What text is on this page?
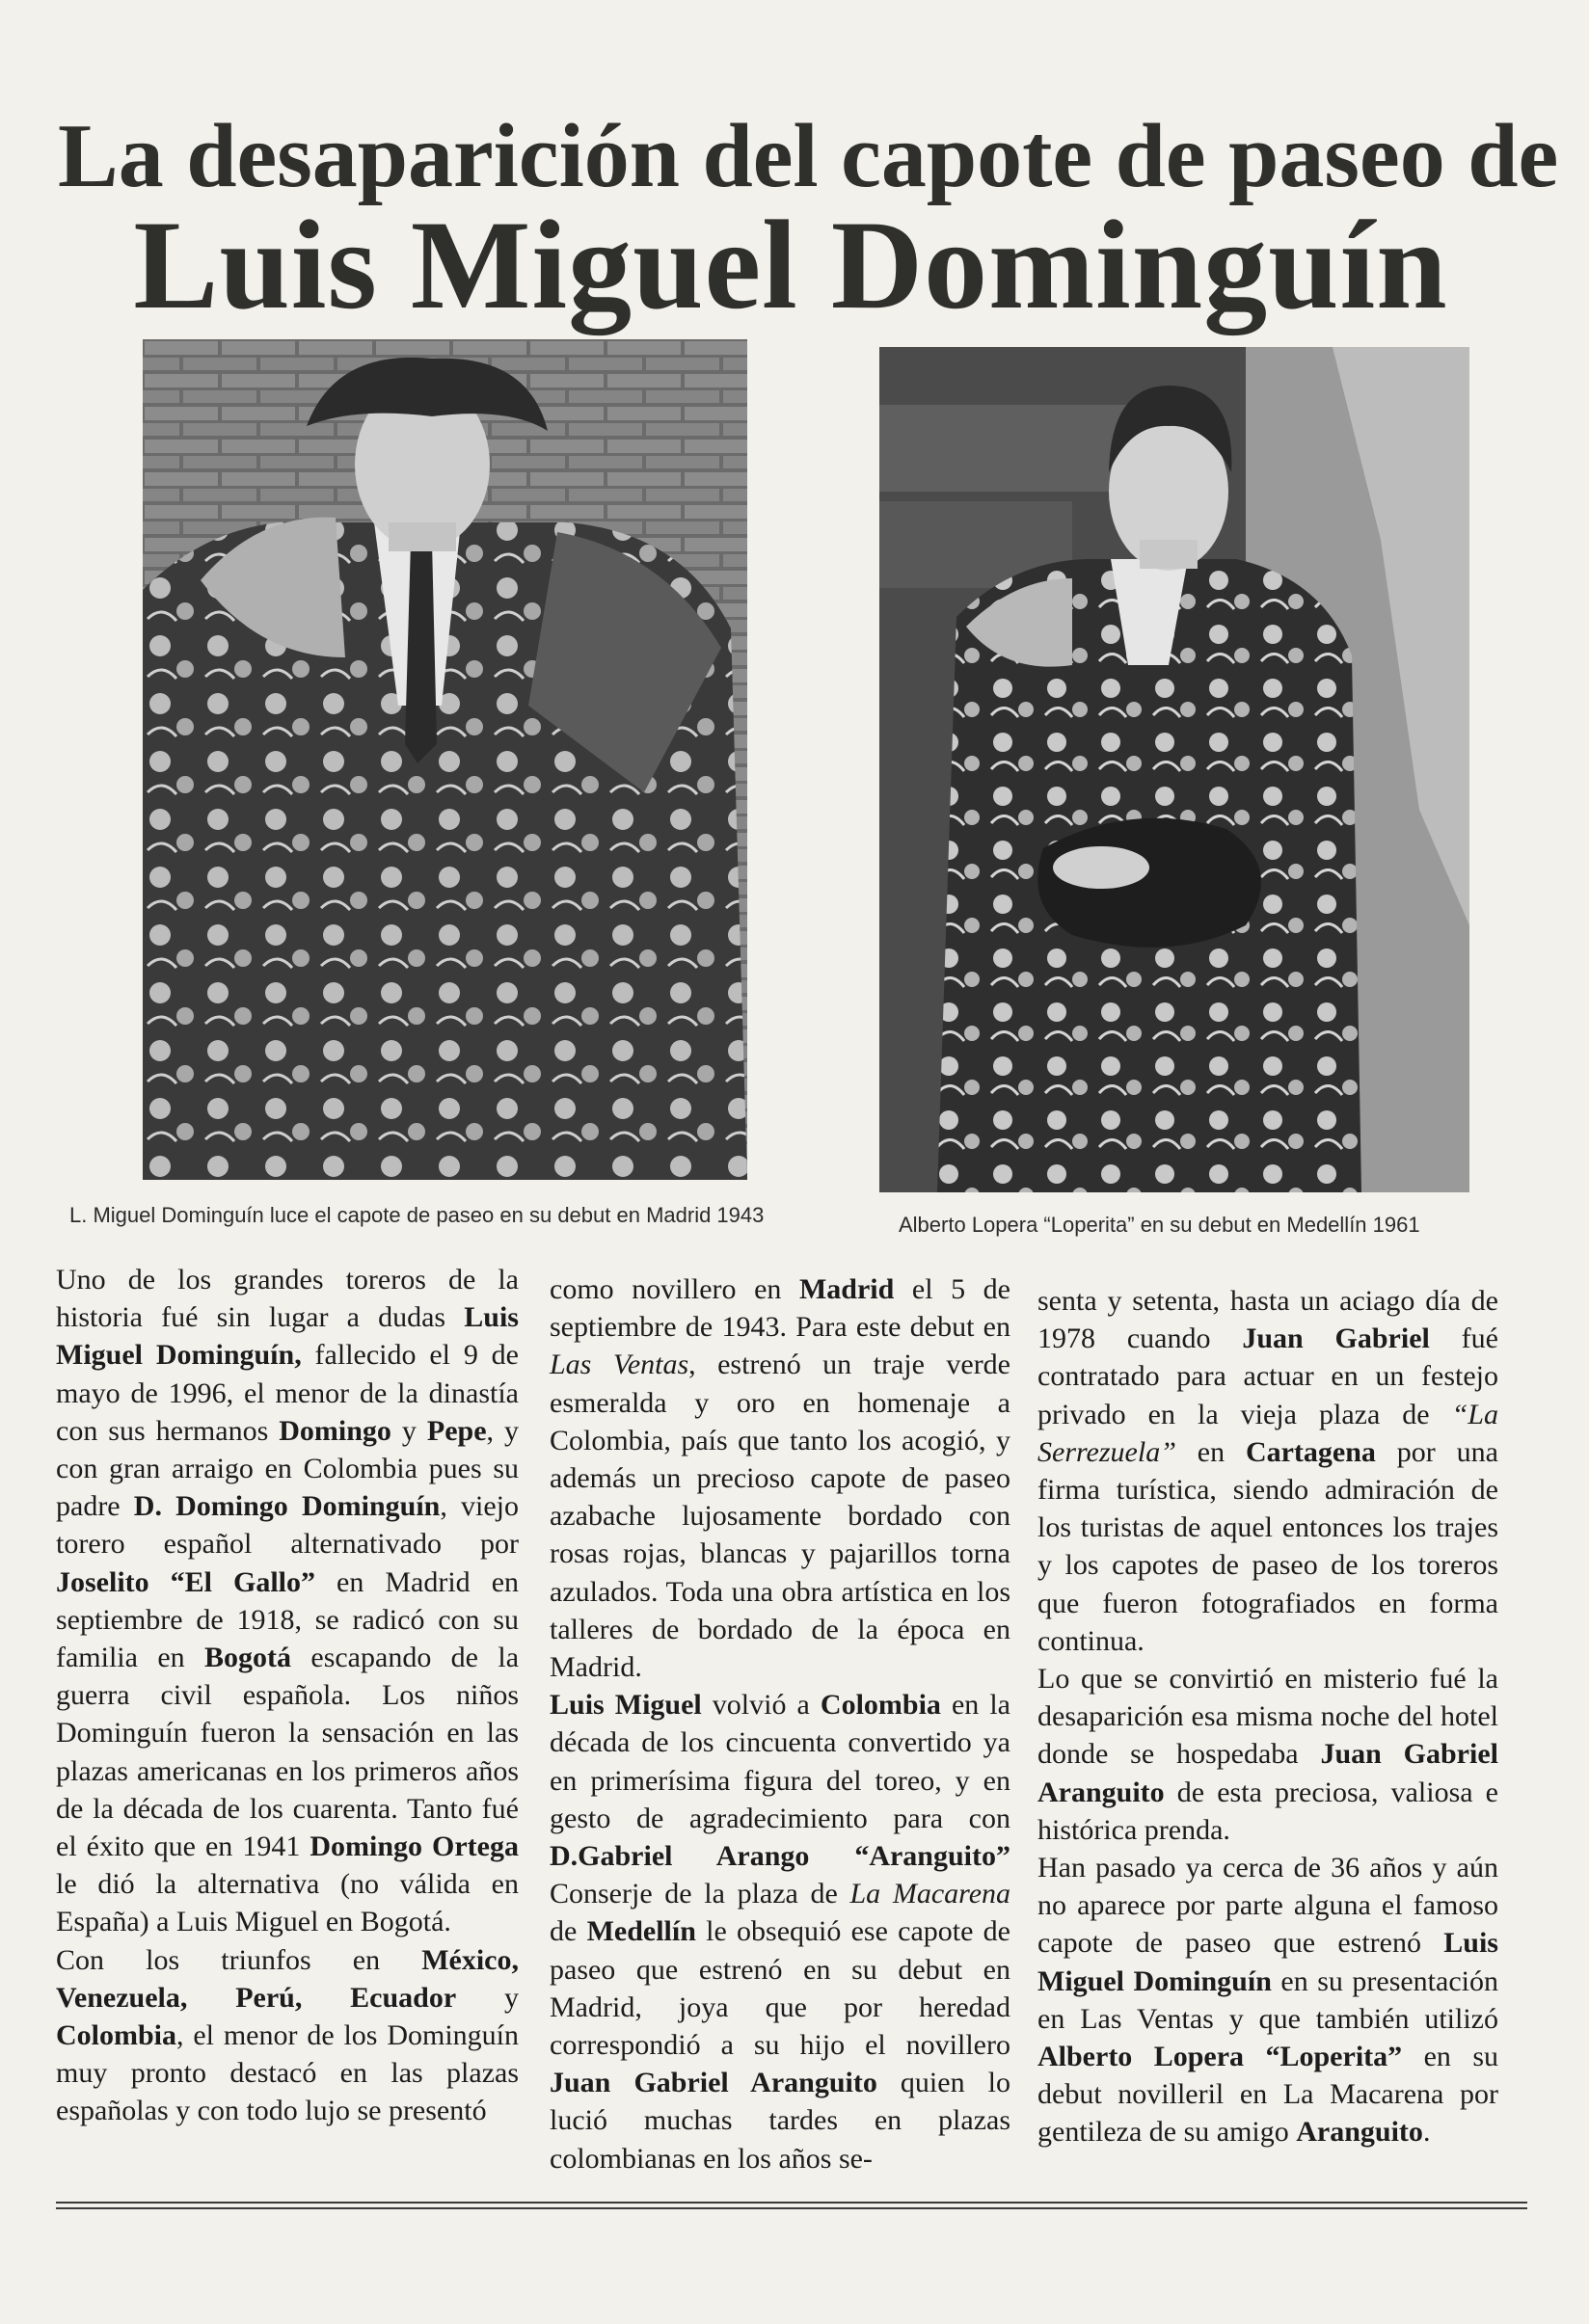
La desaparición del capote de paseo de
Luis Miguel Dominguín

L. Miguel Dominguín luce el capote de paseo en su debut en Madrid 1943	Alberto Lopera “Loperita” en su debut en Medellín 1961

Uno de los grandes toreros de la historia fué sin lugar a dudas Luis Miguel Dominguín, fallecido el 9 de mayo de 1996, el menor de la dinastía con sus hermanos Domingo y Pepe, y con gran arraigo en Colombia pues su padre D. Domingo Dominguín, viejo torero español alternativado por Joselito “El Gallo” en Madrid en septiembre de 1918, se radicó con su familia en Bogotá escapando de la guerra civil española. Los niños Dominguín fueron la sensación en las plazas americanas en los primeros años de la década de los cuarenta. Tanto fué el éxito que en 1941 Domingo Ortega le dió la alternativa (no válida en España) a Luis Miguel en Bogotá.

Con los triunfos en México, Venezuela, Perú, Ecuador y Colombia, el menor de los Dominguín muy pronto destacó en las plazas españolas y con todo lujo se presentó

como novillero en Madrid el 5 de septiembre de 1943. Para este debut en Las Ventas, estrenó un traje verde esmeralda y oro en homenaje a Colombia, país que tanto los acogió, y además un precioso capote de paseo azabache lujosamente bordado con rosas rojas, blancas y pajarillos torna azulados. Toda una obra artística en los talleres de bordado de la época en Madrid.

Luis Miguel volvió a Colombia en la década de los cincuenta convertido ya en primerísima figura del toreo, y en gesto de agradecimiento para con D.Gabriel Arango “Aranguito” Conserje de la plaza de La Macarena de Medellín le obsequió ese capote de paseo que estrenó en su debut en Madrid, joya que por heredad correspondió a su hijo el novillero Juan Gabriel Aranguito quien lo lució muchas tardes en plazas colombianas en los años se-

senta y setenta, hasta un aciago día de 1978 cuando Juan Gabriel fué contratado para actuar en un festejo privado en la vieja plaza de “La Serrezuela” en Cartagena por una firma turística, siendo admiración de los turistas de aquel entonces los trajes y los capotes de paseo de los toreros que fueron fotografiados en forma continua.

Lo que se convirtió en misterio fué la desaparición esa misma noche del hotel donde se hospedaba Juan Gabriel Aranguito de esta preciosa, valiosa e histórica prenda.

Han pasado ya cerca de 36 años y aún no aparece por parte alguna el famoso capote de paseo que estrenó Luis Miguel Dominguín en su presentación en Las Ventas y que también utilizó Alberto Lopera “Loperita” en su debut novilleril en La Macarena por gentileza de su amigo Aranguito.
